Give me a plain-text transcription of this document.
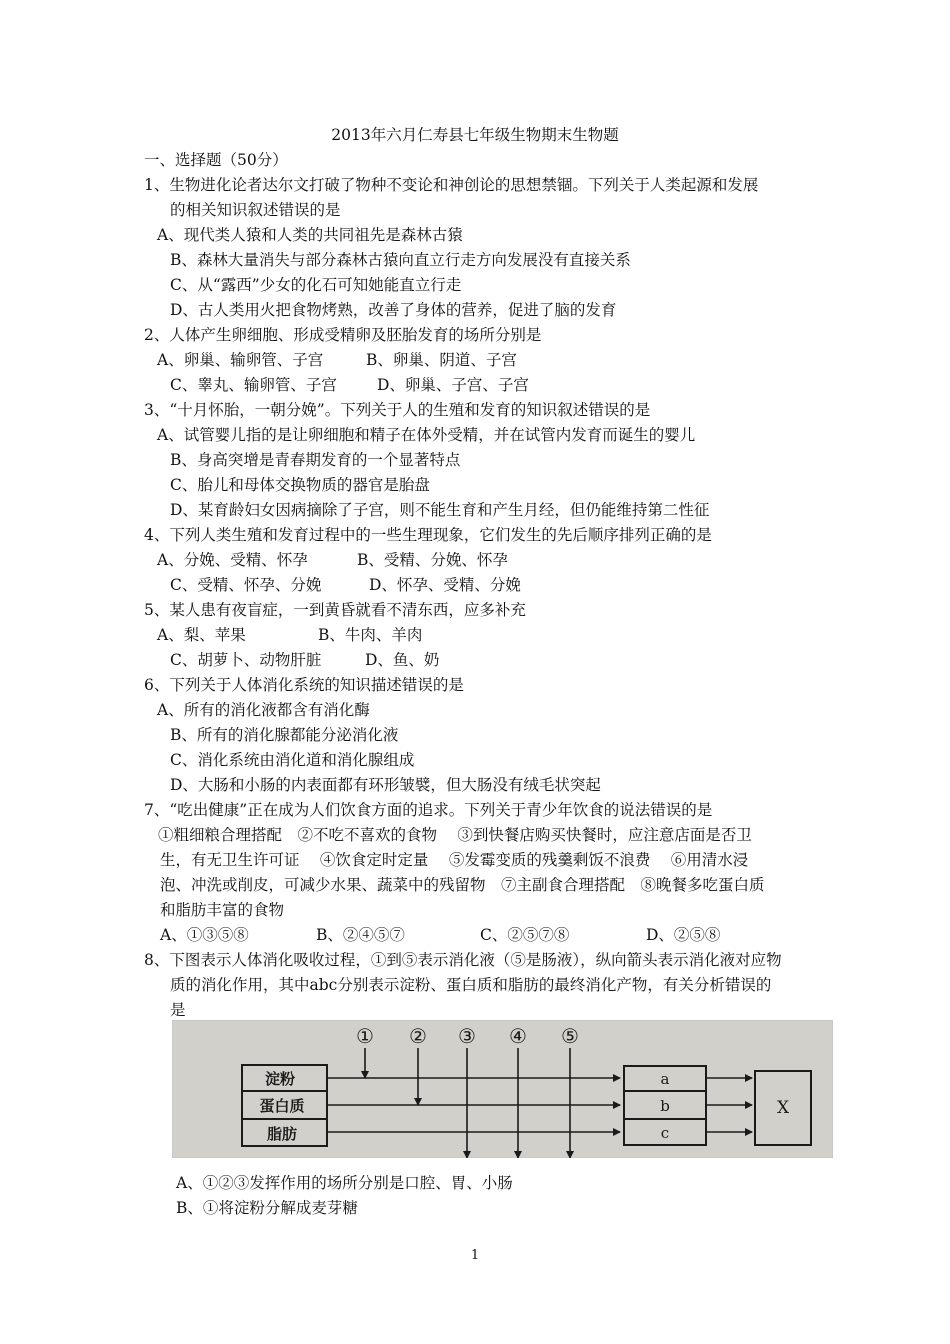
2013年六月仁寿县七年级生物期末生物题
一、选择题（50分）
1、生物进化论者达尔文打破了物种不变论和神创论的思想禁锢。下列关于人类起源和发展
的相关知识叙述错误的是
A、现代类人猿和人类的共同祖先是森林古猿
B、森林大量消失与部分森林古猿向直立行走方向发展没有直接关系
C、从“露西”少女的化石可知她能直立行走
D、古人类用火把食物烤熟，改善了身体的营养，促进了脑的发育
2、人体产生卵细胞、形成受精卵及胚胎发育的场所分别是
A、卵巢、输卵管、子宫	B、卵巢、阴道、子宫
C、睾丸、输卵管、子宫	D、卵巢、子宫、子宫
3、“十月怀胎，一朝分娩”。下列关于人的生殖和发育的知识叙述错误的是
A、试管婴儿指的是让卵细胞和精子在体外受精，并在试管内发育而诞生的婴儿
B、身高突增是青春期发育的一个显著特点
C、胎儿和母体交换物质的器官是胎盘
D、某育龄妇女因病摘除了子宫，则不能生育和产生月经，但仍能维持第二性征
4、下列人类生殖和发育过程中的一些生理现象，它们发生的先后顺序排列正确的是
A、分娩、受精、怀孕	B、受精、分娩、怀孕
C、受精、怀孕、分娩	D、怀孕、受精、分娩
5、某人患有夜盲症，一到黄昏就看不清东西，应多补充
A、梨、苹果	B、牛肉、羊肉
C、胡萝卜、动物肝脏	D、鱼、奶
6、下列关于人体消化系统的知识描述错误的是
A、所有的消化液都含有消化酶
B、所有的消化腺都能分泌消化液
C、消化系统由消化道和消化腺组成
D、大肠和小肠的内表面都有环形皱襞，但大肠没有绒毛状突起
7、“吃出健康”正在成为人们饮食方面的追求。下列关于青少年饮食的说法错误的是
①粗细粮合理搭配　②不吃不喜欢的食物　 ③到快餐店购买快餐时，应注意店面是否卫
生，有无卫生许可证　 ④饮食定时定量　 ⑤发霉变质的残羹剩饭不浪费　 ⑥用清水浸
泡、冲洗或削皮，可减少水果、蔬菜中的残留物　⑦主副食合理搭配　⑧晚餐多吃蛋白质
和脂肪丰富的食物
A、①③⑤⑧	B、②④⑤⑦	C、②⑤⑦⑧	D、②⑤⑧
8、下图表示人体消化吸收过程，①到⑤表示消化液（⑤是肠液），纵向箭头表示消化液对应物
质的消化作用，其中abc分别表示淀粉、蛋白质和脂肪的最终消化产物，有关分析错误的
是
① ② ③ ④ ⑤
淀粉
蛋白质
脂肪
a
b
c
X
A、①②③发挥作用的场所分别是口腔、胃、小肠
B、①将淀粉分解成麦芽糖
1
